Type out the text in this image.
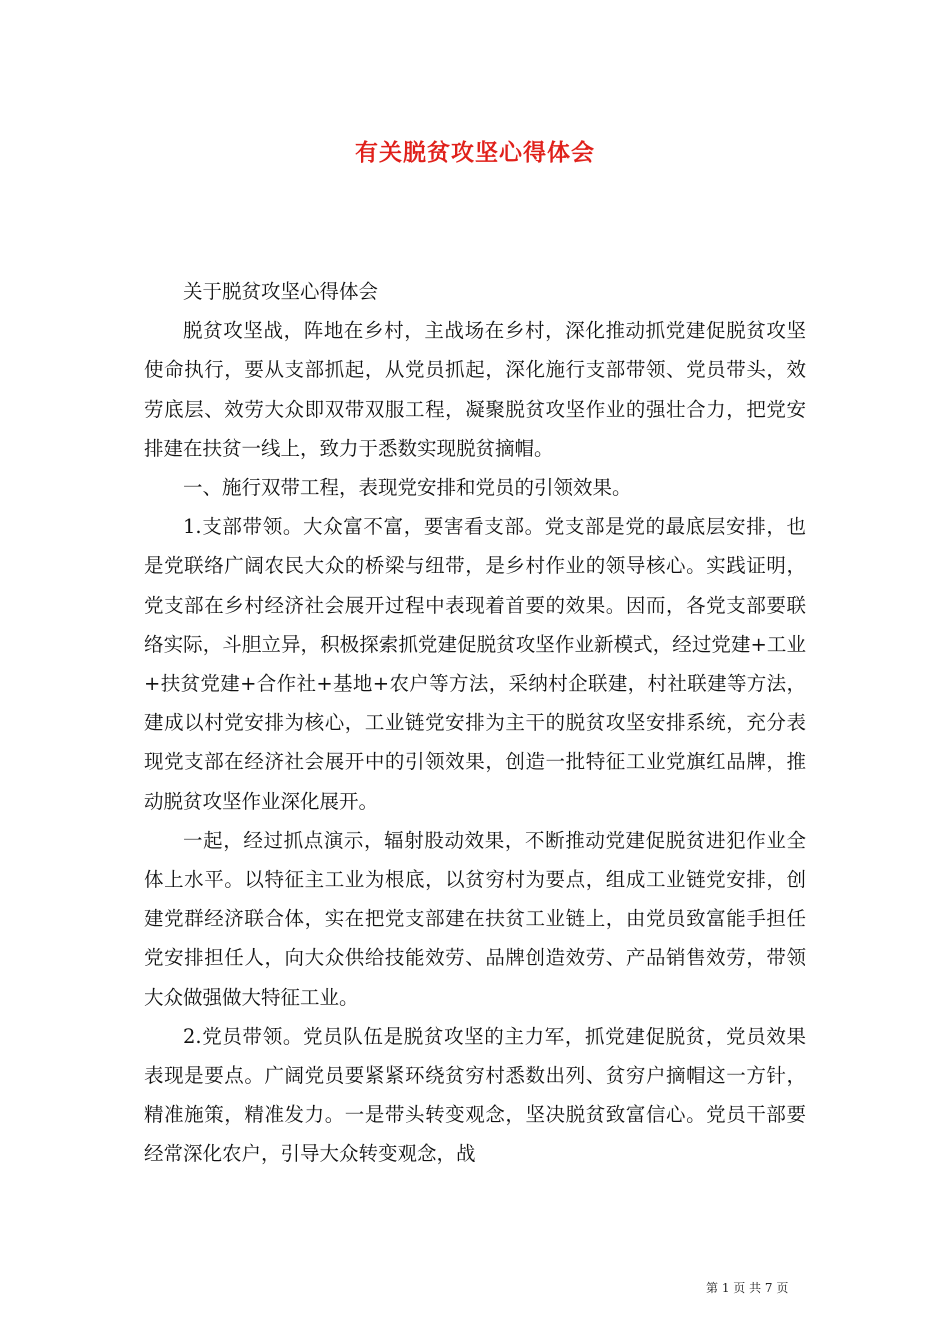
有关脱贫攻坚心得体会

关于脱贫攻坚心得体会

脱贫攻坚战，阵地在乡村，主战场在乡村，深化推动抓党建促脱贫攻坚使命执行，要从支部抓起，从党员抓起，深化施行支部带领、党员带头，效劳底层、效劳大众即双带双服工程，凝聚脱贫攻坚作业的强壮合力，把党安排建在扶贫一线上，致力于悉数实现脱贫摘帽。

一、施行双带工程，表现党安排和党员的引领效果。

1.支部带领。大众富不富，要害看支部。党支部是党的最底层安排，也是党联络广阔农民大众的桥梁与纽带，是乡村作业的领导核心。实践证明，党支部在乡村经济社会展开过程中表现着首要的效果。因而，各党支部要联络实际，斗胆立异，积极探索抓党建促脱贫攻坚作业新模式，经过党建+工业+扶贫党建+合作社+基地+农户等方法，采纳村企联建，村社联建等方法，建成以村党安排为核心，工业链党安排为主干的脱贫攻坚安排系统，充分表现党支部在经济社会展开中的引领效果，创造一批特征工业党旗红品牌，推动脱贫攻坚作业深化展开。

一起，经过抓点演示，辐射股动效果，不断推动党建促脱贫进犯作业全体上水平。以特征主工业为根底，以贫穷村为要点，组成工业链党安排，创建党群经济联合体，实在把党支部建在扶贫工业链上，由党员致富能手担任党安排担任人，向大众供给技能效劳、品牌创造效劳、产品销售效劳，带领大众做强做大特征工业。

2.党员带领。党员队伍是脱贫攻坚的主力军，抓党建促脱贫，党员效果表现是要点。广阔党员要紧紧环绕贫穷村悉数出列、贫穷户摘帽这一方针，精准施策，精准发力。一是带头转变观念，坚决脱贫致富信心。党员干部要经常深化农户，引导大众转变观念，战

第 1 页 共 7 页
